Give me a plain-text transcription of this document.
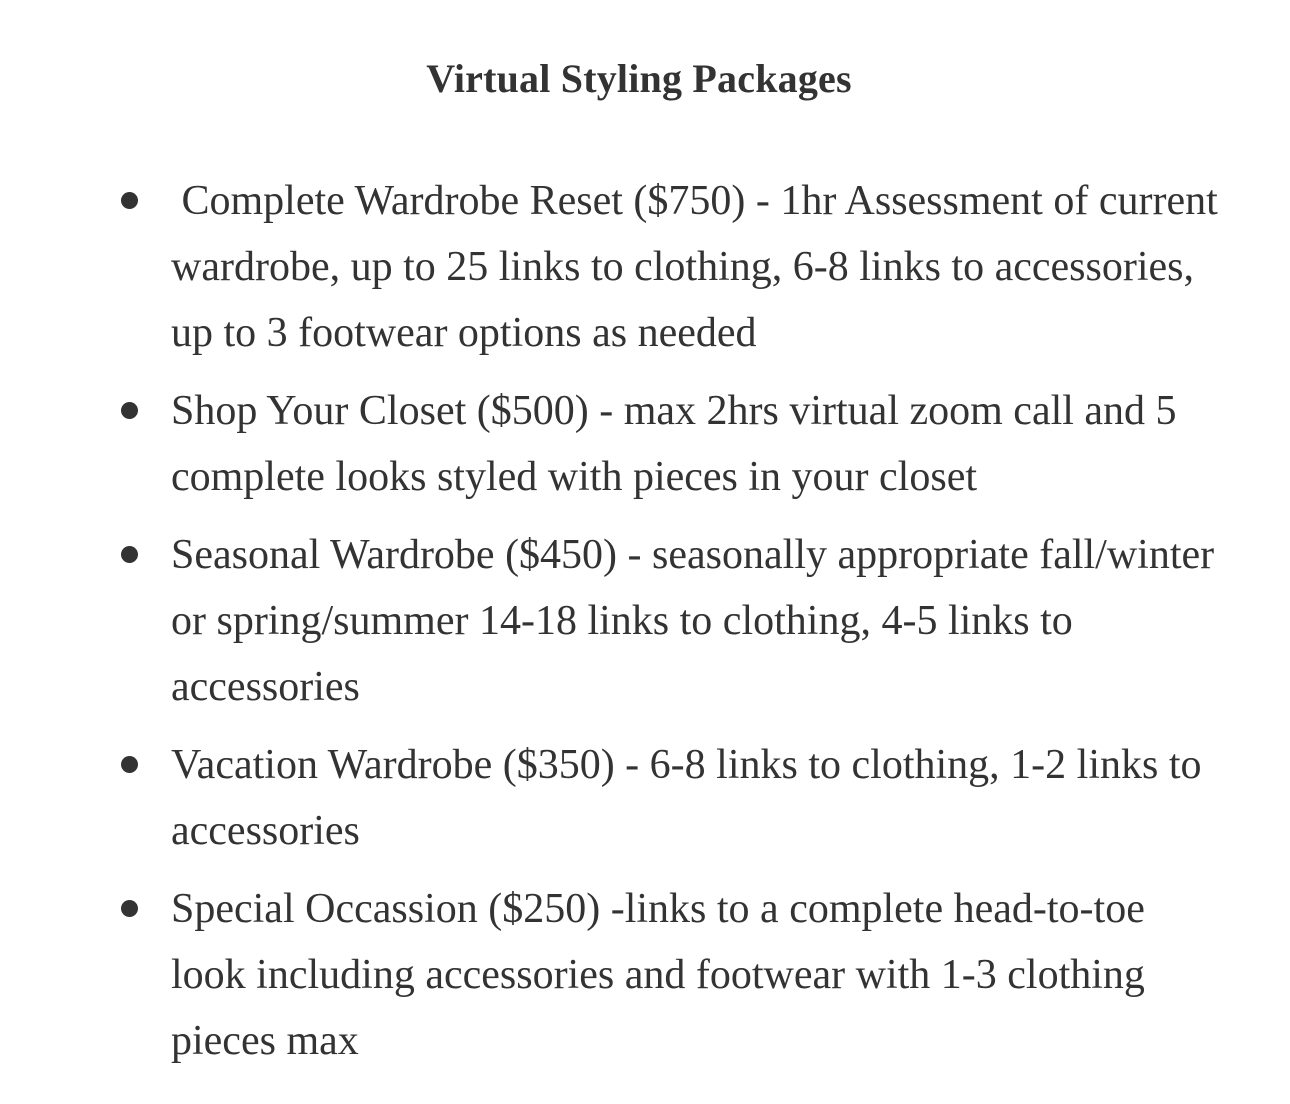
Virtual Styling Packages
Complete Wardrobe Reset ($750) - 1hr Assessment of current wardrobe, up to 25 links to clothing, 6-8 links to accessories, up to 3 footwear options as needed
Shop Your Closet ($500) - max 2hrs virtual zoom call and 5 complete looks styled with pieces in your closet
Seasonal Wardrobe ($450) - seasonally appropriate fall/winter or spring/summer 14-18 links to clothing, 4-5 links to accessories
Vacation Wardrobe ($350) - 6-8 links to clothing, 1-2 links to accessories
Special Occassion ($250) -links to a complete head-to-toe look including accessories and footwear with 1-3 clothing pieces max
